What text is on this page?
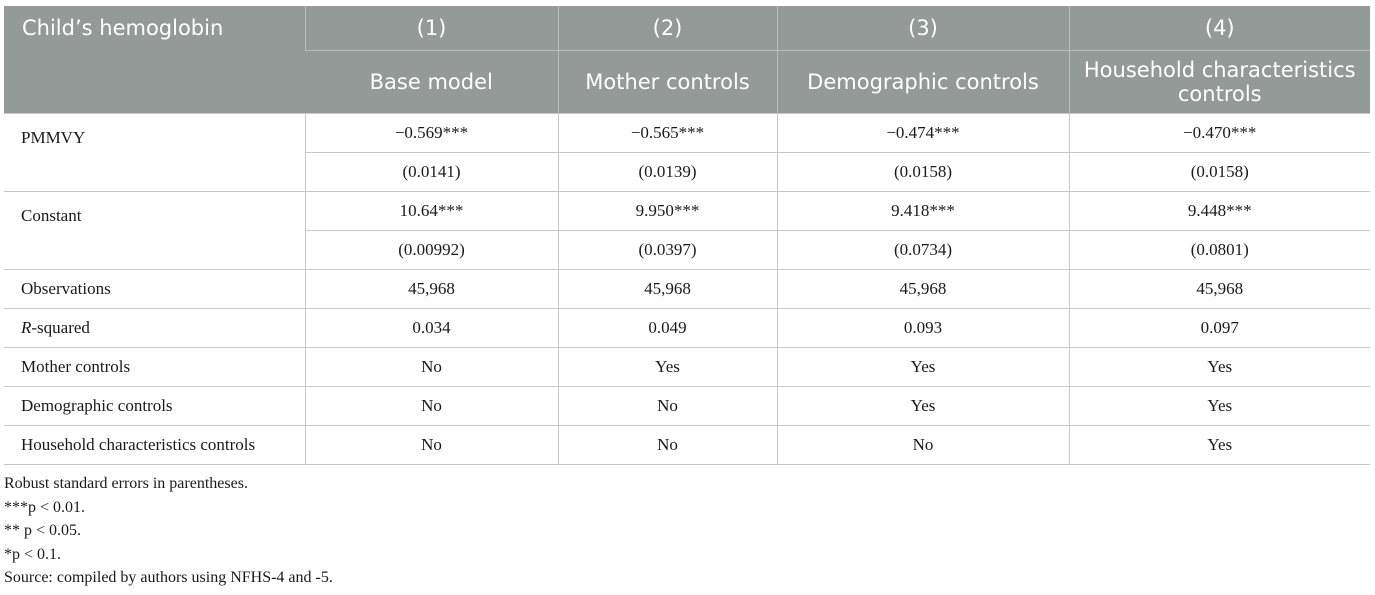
Child’s hemoglobin	(1)	(2)	(3)	(4)
	Base model	Mother controls	Demographic controls	Household characteristics controls
PMMVY	−0.569***	−0.565***	−0.474***	−0.470***
	(0.0141)	(0.0139)	(0.0158)	(0.0158)
Constant	10.64***	9.950***	9.418***	9.448***
	(0.00992)	(0.0397)	(0.0734)	(0.0801)
Observations	45,968	45,968	45,968	45,968
R-squared	0.034	0.049	0.093	0.097
Mother controls	No	Yes	Yes	Yes
Demographic controls	No	No	Yes	Yes
Household characteristics controls	No	No	No	Yes
Robust standard errors in parentheses.
***p < 0.01.
** p < 0.05.
*p < 0.1.
Source: compiled by authors using NFHS-4 and -5.
